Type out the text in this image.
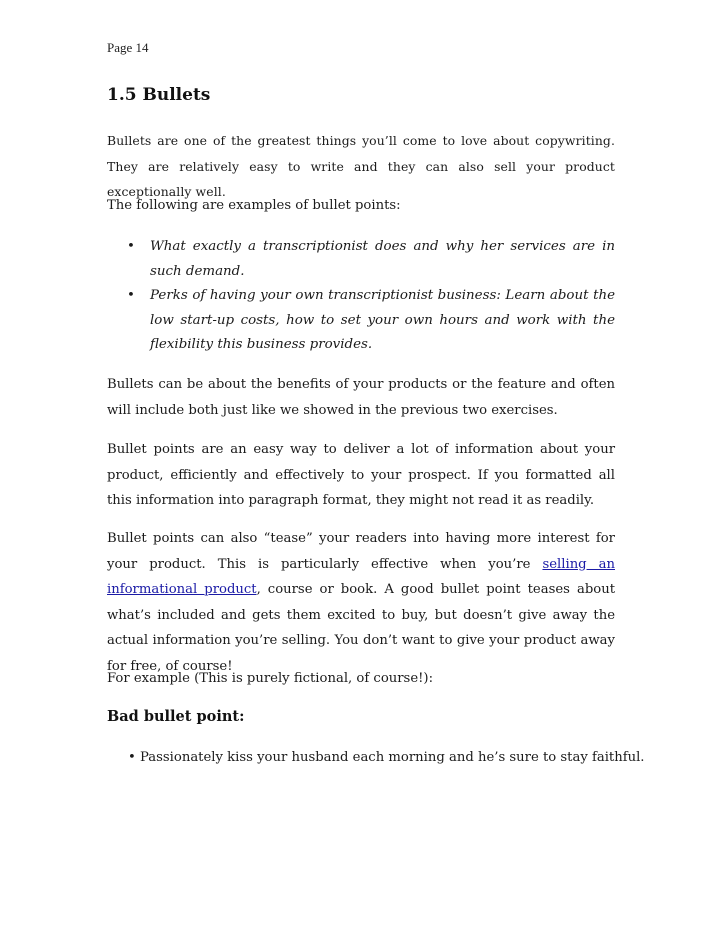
Page 14
1.5 Bullets
Bullets are one of the greatest things you’ll come to love about copywriting. They are relatively easy to write and they can also sell your product exceptionally well.
The following are examples of bullet points:
• What exactly a transcriptionist does and why her services are in such demand.
• Perks of having your own transcriptionist business: Learn about the low start-up costs, how to set your own hours and work with the flexibility this business provides.
Bullets can be about the benefits of your products or the feature and often will include both just like we showed in the previous two exercises.
Bullet points are an easy way to deliver a lot of information about your product, efficiently and effectively to your prospect. If you formatted all this information into paragraph format, they might not read it as readily.
Bullet points can also “tease” your readers into having more interest for your product. This is particularly effective when you’re selling an informational product, course or book. A good bullet point teases about what’s included and gets them excited to buy, but doesn’t give away the actual information you’re selling. You don’t want to give your product away for free, of course!
For example (This is purely fictional, of course!):
Bad bullet point:
• Passionately kiss your husband each morning and he’s sure to stay faithful.
